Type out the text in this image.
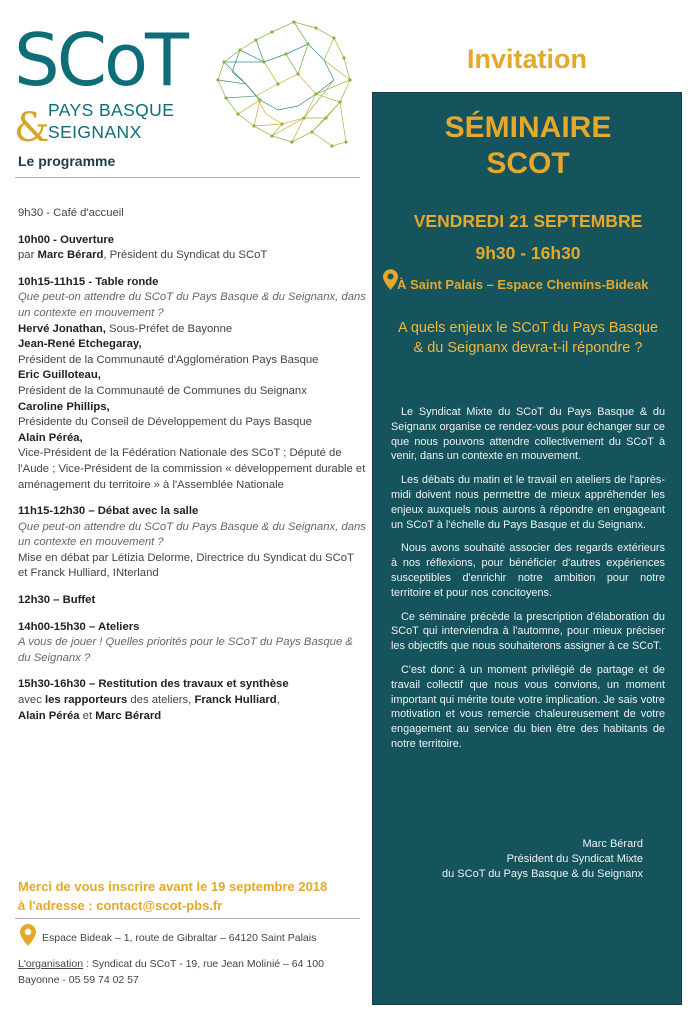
SCoT
&
PAYS BASQUE
SEIGNANX
Le programme
9h30 - Café d'accueil
10h00 - Ouverture
par Marc Bérard, Président du Syndicat du SCoT
10h15-11h15 - Table ronde
Que peut-on attendre du SCoT du Pays Basque & du Seignanx, dans un contexte en mouvement ?
Hervé Jonathan, Sous-Préfet de Bayonne
Jean-René Etchegaray,
Président de la Communauté d'Agglomération Pays Basque
Eric Guilloteau,
Président de la Communauté de Communes du Seignanx
Caroline Phillips,
Présidente du Conseil de Développement du Pays Basque
Alain Péréa,
Vice-Président de la Fédération Nationale des SCoT ; Député de l'Aude ; Vice-Président de la commission « développement durable et aménagement du territoire » à l'Assemblée Nationale
11h15-12h30 – Débat avec la salle
Que peut-on attendre du SCoT du Pays Basque & du Seignanx, dans un contexte en mouvement ?
Mise en débat par Létizia Delorme, Directrice du Syndicat du SCoT et Franck Hulliard, INterland
12h30 – Buffet
14h00-15h30 – Ateliers
A vous de jouer ! Quelles priorités pour le SCoT du Pays Basque & du Seignanx ?
15h30-16h30 – Restitution des travaux et synthèse
avec les rapporteurs des ateliers, Franck Hulliard,
Alain Péréa et Marc Bérard
Merci de vous inscrire avant le 19 septembre 2018
à l'adresse : contact@scot-pbs.fr
Espace Bideak – 1, route de Gibraltar – 64120 Saint Palais
L'organisation : Syndicat du SCoT - 19, rue Jean Molinié – 64 100 Bayonne - 05 59 74 02 57
Invitation
SÉMINAIRE
SCOT
VENDREDI 21 SEPTEMBRE
9h30 - 16h30
À Saint Palais – Espace Chemins-Bideak
A quels enjeux le SCoT du Pays Basque & du Seignanx devra-t-il répondre ?

Le Syndicat Mixte du SCoT du Pays Basque & du Seignanx organise ce rendez-vous pour échanger sur ce que nous pouvons attendre collectivement du SCoT à venir, dans un contexte en mouvement.

Les débats du matin et le travail en ateliers de l'après-midi doivent nous permettre de mieux appréhender les enjeux auxquels nous aurons à répondre en engageant un SCoT à l'échelle du Pays Basque et du Seignanx.

Nous avons souhaité associer des regards extérieurs à nos réflexions, pour bénéficier d'autres expériences susceptibles d'enrichir notre ambition pour notre territoire et pour nos concitoyens.

Ce séminaire précède la prescription d'élaboration du SCoT qui interviendra à l'automne, pour mieux préciser les objectifs que nous souhaiterons assigner à ce SCoT.

C'est donc à un moment privilégié de partage et de travail collectif que nous vous convions, un moment important qui mérite toute votre implication. Je sais votre motivation et vous remercie chaleureusement de votre engagement au service du bien être des habitants de notre territoire.

Marc Bérard
Président du Syndicat Mixte
du SCoT du Pays Basque & du Seignanx
